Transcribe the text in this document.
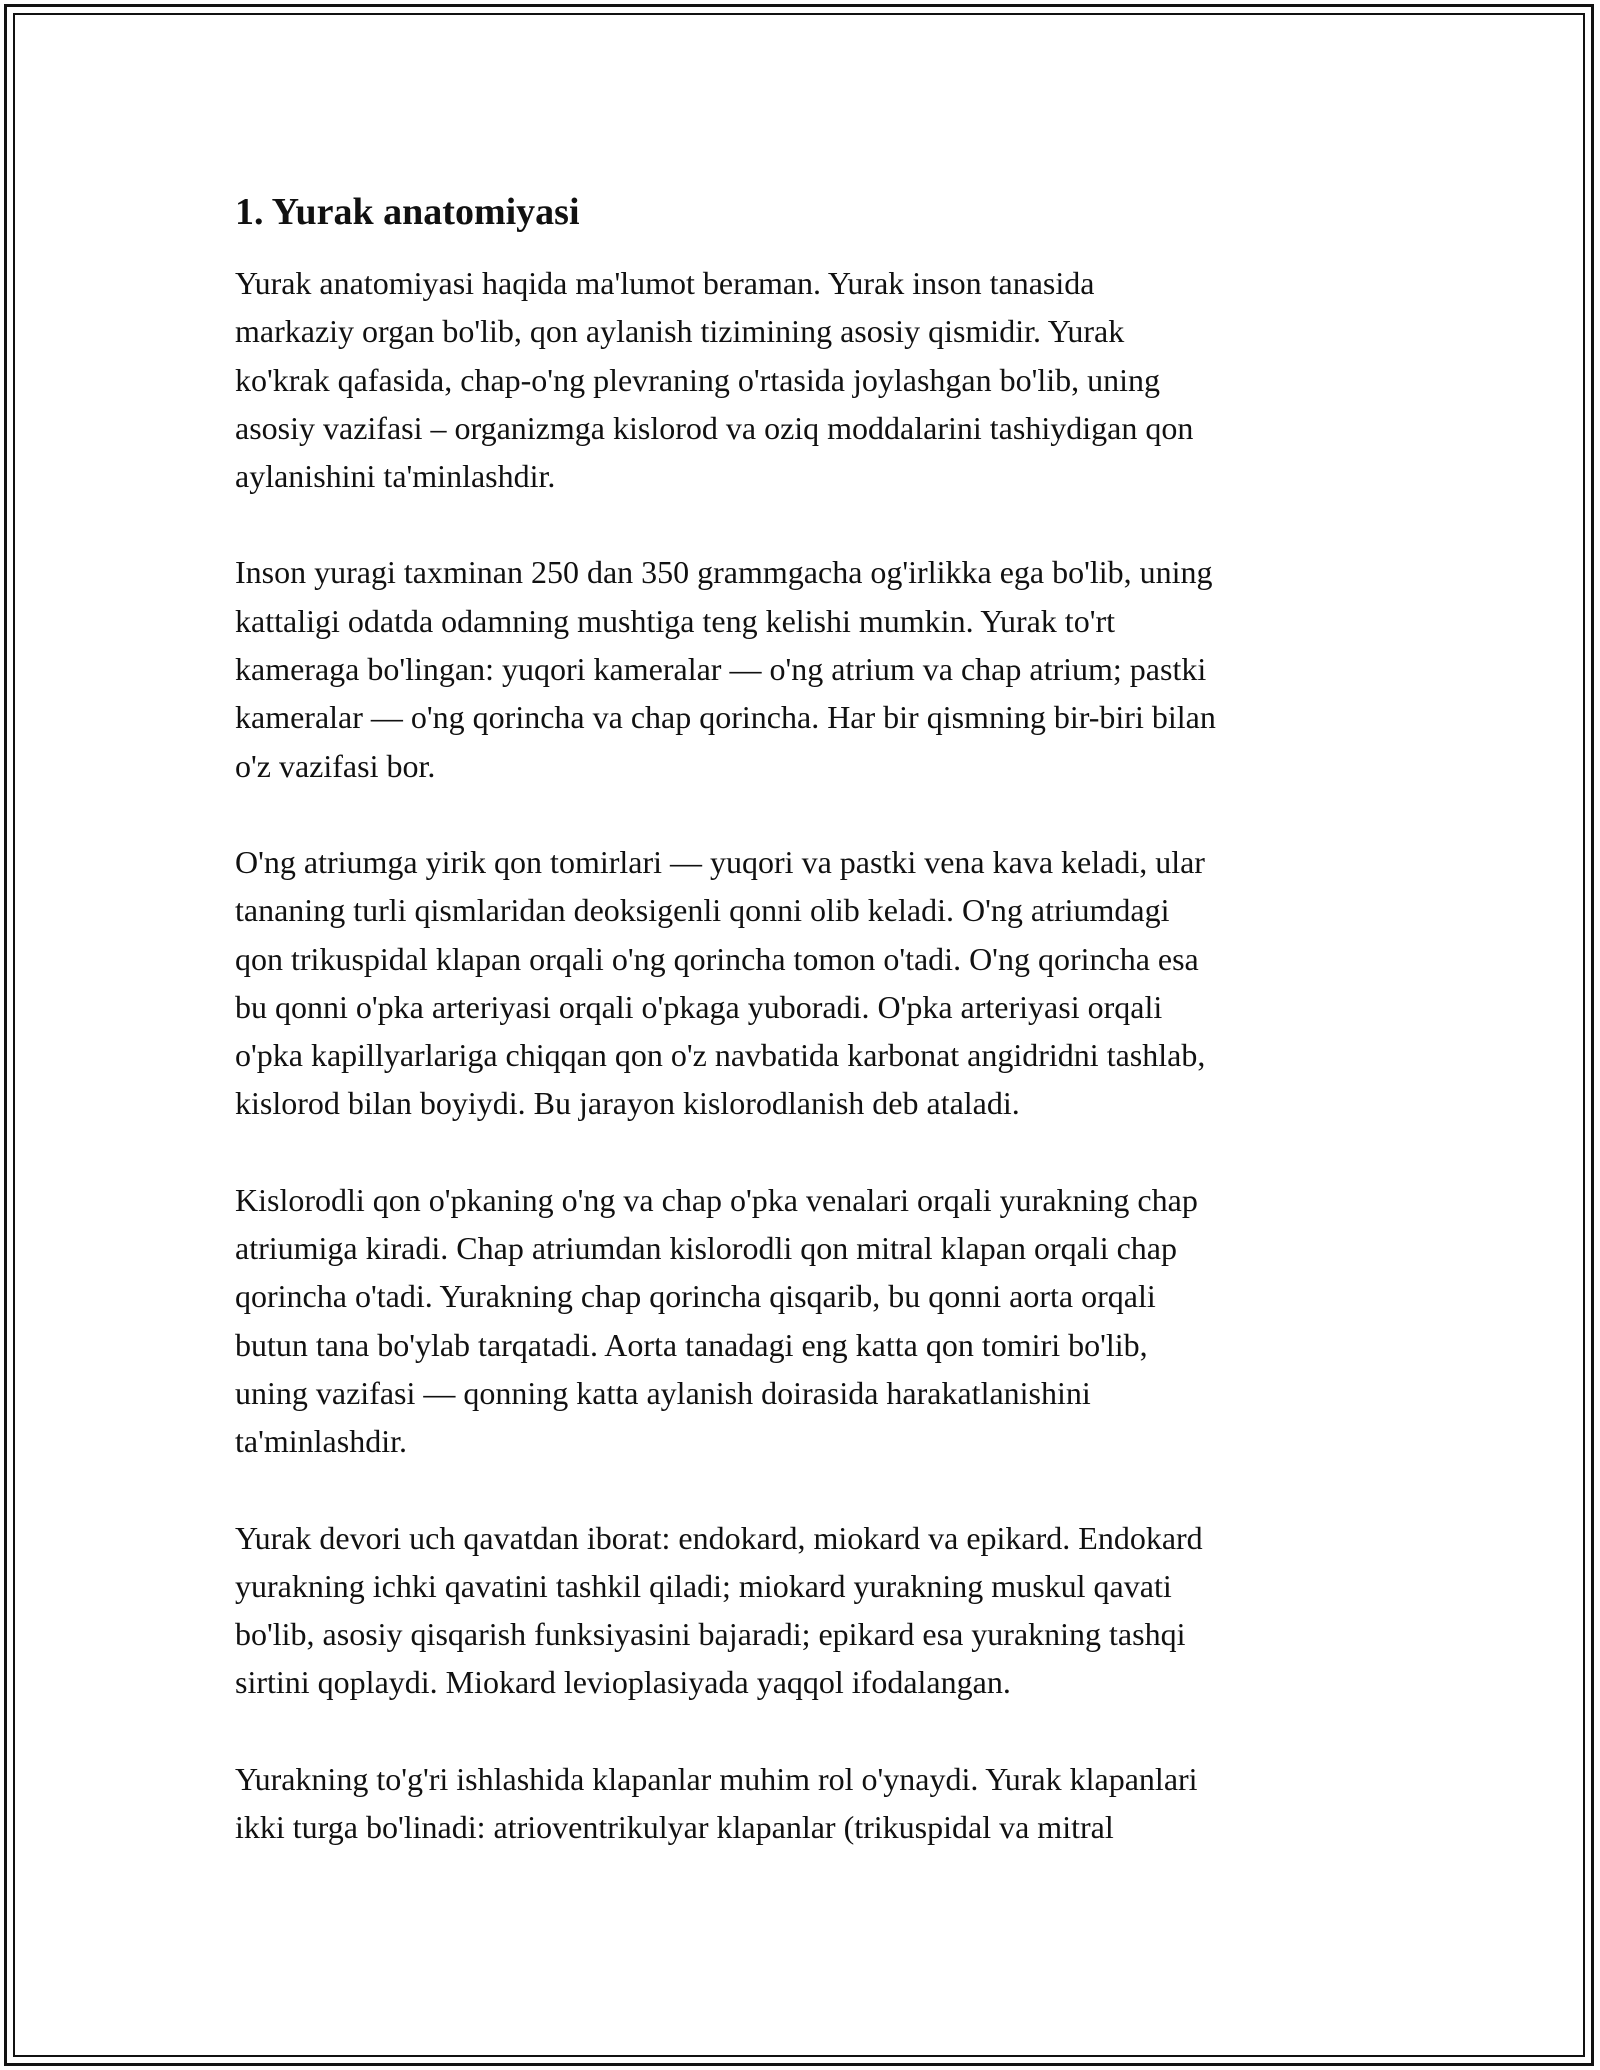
1. Yurak anatomiyasi

Yurak anatomiyasi haqida ma'lumot beraman. Yurak inson tanasida
markaziy organ bo'lib, qon aylanish tizimining asosiy qismidir. Yurak
ko'krak qafasida, chap-o'ng plevraning o'rtasida joylashgan bo'lib, uning
asosiy vazifasi – organizmga kislorod va oziq moddalarini tashiydigan qon
aylanishini ta'minlashdir.

Inson yuragi taxminan 250 dan 350 grammgacha og'irlikka ega bo'lib, uning
kattaligi odatda odamning mushtiga teng kelishi mumkin. Yurak to'rt
kameraga bo'lingan: yuqori kameralar — o'ng atrium va chap atrium; pastki
kameralar — o'ng qorincha va chap qorincha. Har bir qismning bir-biri bilan
o'z vazifasi bor.

O'ng atriumga yirik qon tomirlari — yuqori va pastki vena kava keladi, ular
tananing turli qismlaridan deoksigenli qonni olib keladi. O'ng atriumdagi
qon trikuspidal klapan orqali o'ng qorincha tomon o'tadi. O'ng qorincha esa
bu qonni o'pka arteriyasi orqali o'pkaga yuboradi. O'pka arteriyasi orqali
o'pka kapillyarlariga chiqqan qon o'z navbatida karbonat angidridni tashlab,
kislorod bilan boyiydi. Bu jarayon kislorodlanish deb ataladi.

Kislorodli qon o'pkaning o'ng va chap o'pka venalari orqali yurakning chap
atriumiga kiradi. Chap atriumdan kislorodli qon mitral klapan orqali chap
qorincha o'tadi. Yurakning chap qorincha qisqarib, bu qonni aorta orqali
butun tana bo'ylab tarqatadi. Aorta tanadagi eng katta qon tomiri bo'lib,
uning vazifasi — qonning katta aylanish doirasida harakatlanishini
ta'minlashdir.

Yurak devori uch qavatdan iborat: endokard, miokard va epikard. Endokard
yurakning ichki qavatini tashkil qiladi; miokard yurakning muskul qavati
bo'lib, asosiy qisqarish funksiyasini bajaradi; epikard esa yurakning tashqi
sirtini qoplaydi. Miokard levioplasiyada yaqqol ifodalangan.

Yurakning to'g'ri ishlashida klapanlar muhim rol o'ynaydi. Yurak klapanlari
ikki turga bo'linadi: atrioventrikulyar klapanlar (trikuspidal va mitral
